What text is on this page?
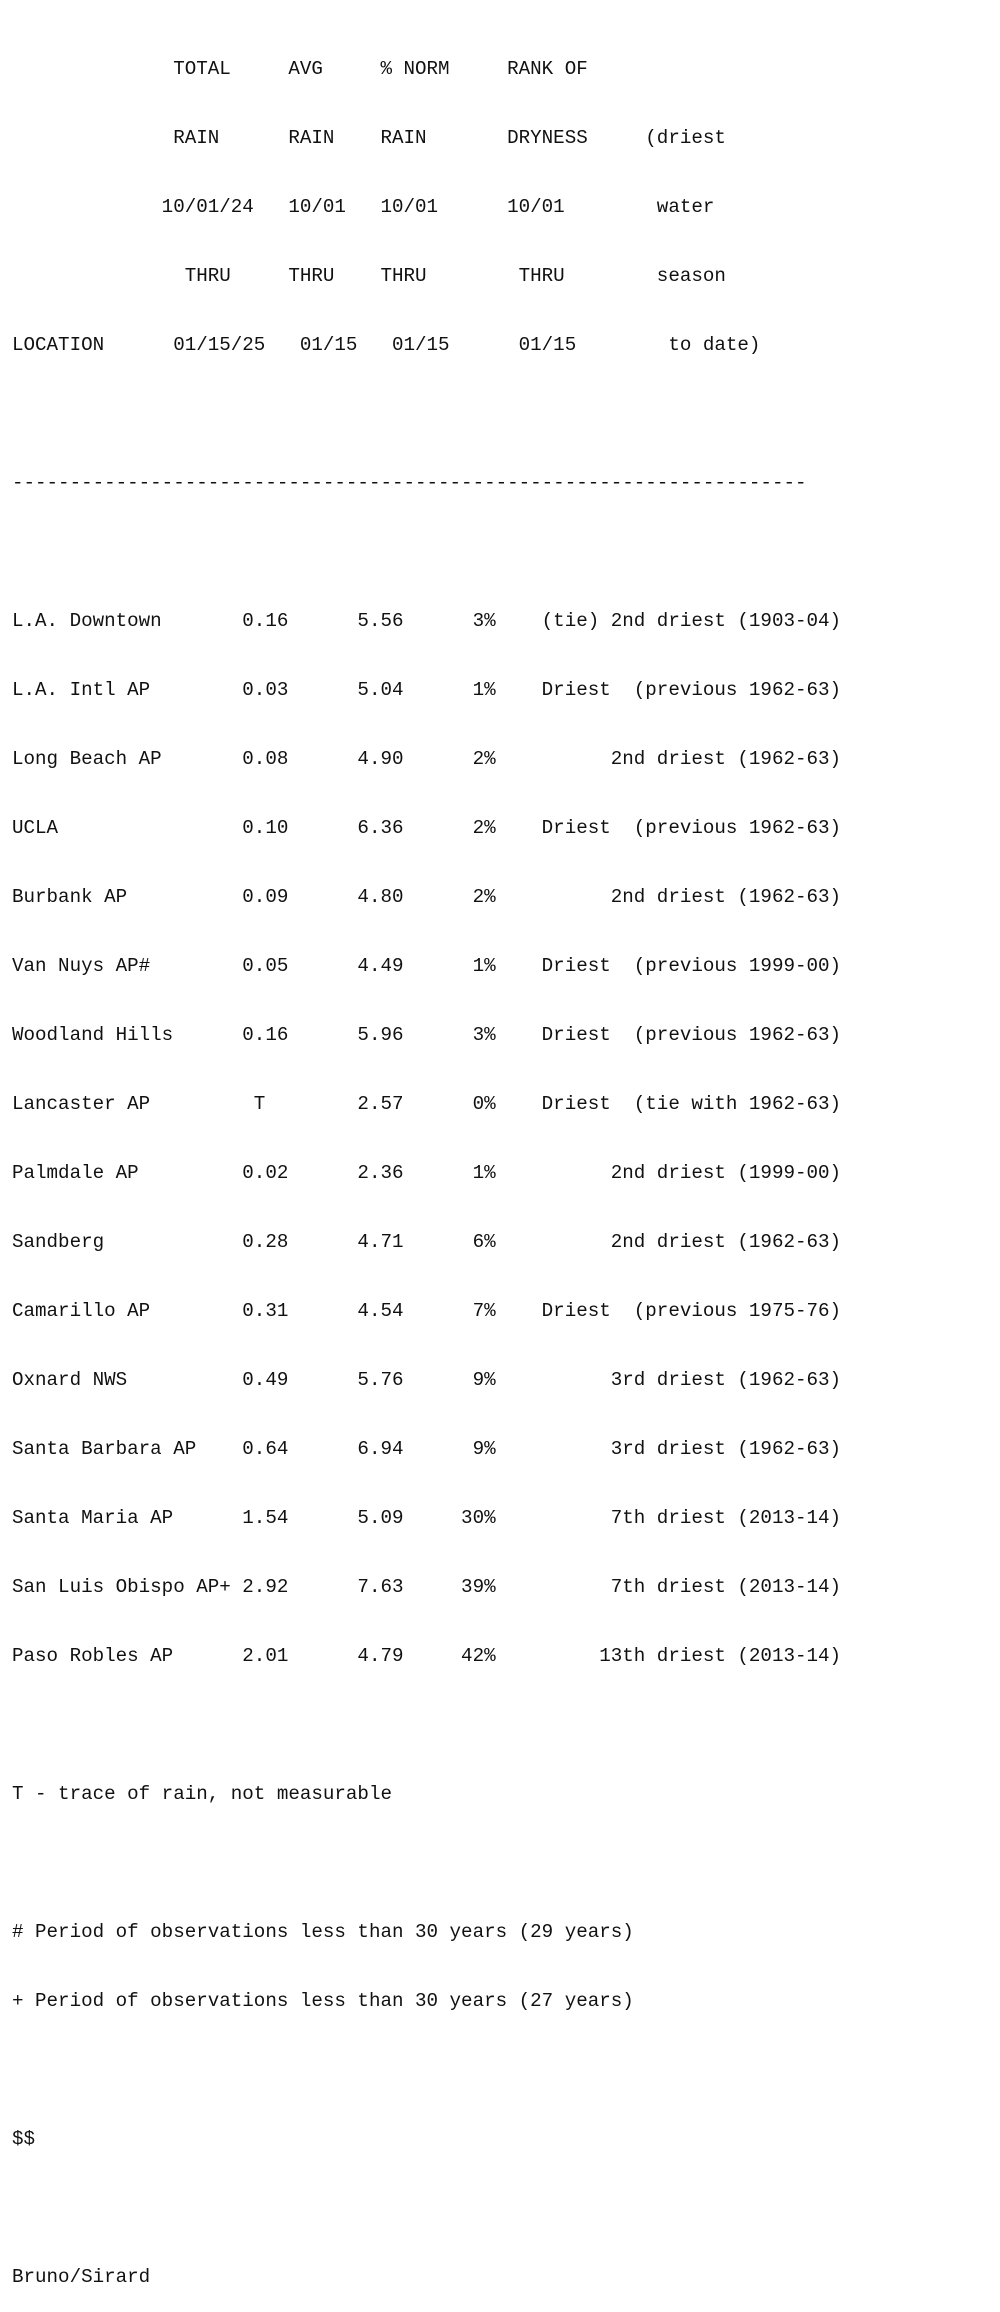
TOTAL     AVG     % NORM     RANK OF

RAIN      RAIN    RAIN       DRYNESS     (driest

10/01/24   10/01   10/01      10/01        water

THRU     THRU    THRU        THRU        season

LOCATION      01/15/25   01/15   01/15      01/15        to date)

---------------------------------------------------------------------

L.A. Downtown       0.16      5.56      3%    (tie) 2nd driest (1903-04)

L.A. Intl AP        0.03      5.04      1%    Driest  (previous 1962-63)

Long Beach AP       0.08      4.90      2%          2nd driest (1962-63)

UCLA                0.10      6.36      2%    Driest  (previous 1962-63)

Burbank AP          0.09      4.80      2%          2nd driest (1962-63)

Van Nuys AP#        0.05      4.49      1%    Driest  (previous 1999-00)

Woodland Hills      0.16      5.96      3%    Driest  (previous 1962-63)

Lancaster AP         T        2.57      0%    Driest  (tie with 1962-63)

Palmdale AP         0.02      2.36      1%          2nd driest (1999-00)

Sandberg            0.28      4.71      6%          2nd driest (1962-63)

Camarillo AP        0.31      4.54      7%    Driest  (previous 1975-76)

Oxnard NWS          0.49      5.76      9%          3rd driest (1962-63)

Santa Barbara AP    0.64      6.94      9%          3rd driest (1962-63)

Santa Maria AP      1.54      5.09     30%          7th driest (2013-14)

San Luis Obispo AP+ 2.92      7.63     39%          7th driest (2013-14)

Paso Robles AP      2.01      4.79     42%         13th driest (2013-14)

T - trace of rain, not measurable

# Period of observations less than 30 years (29 years)

+ Period of observations less than 30 years (27 years)

$$

Bruno/Sirard
